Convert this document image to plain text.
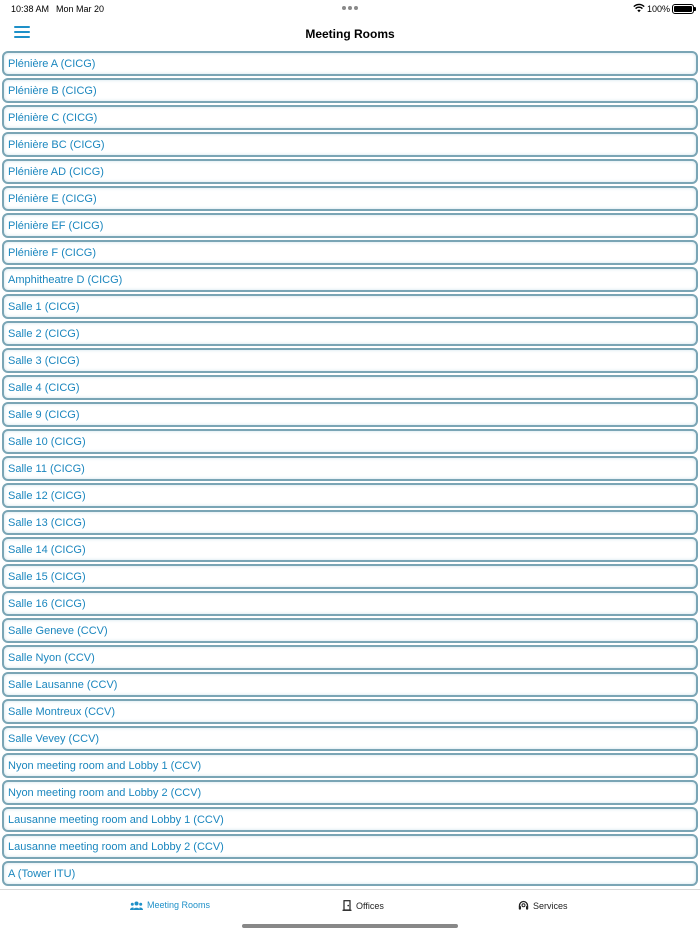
10:38 AM Mon Mar 20	100%
Meeting Rooms
Plénière A (CICG)
Plénière B (CICG)
Plénière C (CICG)
Plénière BC (CICG)
Plénière AD (CICG)
Plénière E (CICG)
Plénière EF (CICG)
Plénière F (CICG)
Amphitheatre D (CICG)
Salle 1 (CICG)
Salle 2 (CICG)
Salle 3 (CICG)
Salle 4 (CICG)
Salle 9 (CICG)
Salle 10 (CICG)
Salle 11 (CICG)
Salle 12 (CICG)
Salle 13 (CICG)
Salle 14 (CICG)
Salle 15 (CICG)
Salle 16 (CICG)
Salle Geneve (CCV)
Salle Nyon (CCV)
Salle Lausanne (CCV)
Salle Montreux (CCV)
Salle Vevey (CCV)
Nyon meeting room and Lobby 1 (CCV)
Nyon meeting room and Lobby 2 (CCV)
Lausanne meeting room and Lobby 1 (CCV)
Lausanne meeting room and Lobby 2 (CCV)
A (Tower ITU)
Meeting Rooms	Offices	Services
